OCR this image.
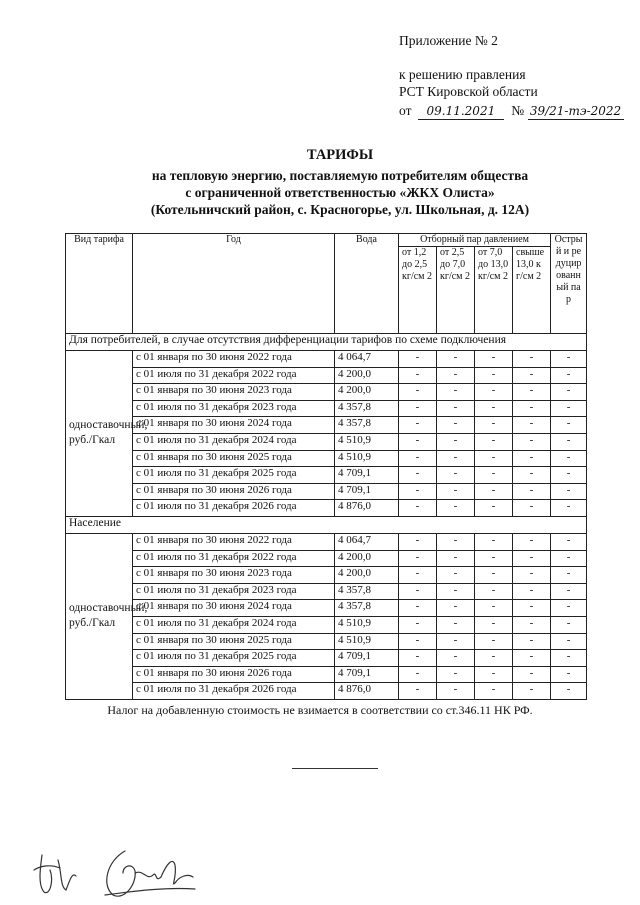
Приложение № 2
к решению правления
РСТ Кировской области
от 09.11.2021 № 39/21-тэ-2022
ТАРИФЫ
на тепловую энергию, поставляемую потребителям общества
с ограниченной ответственностью «ЖКХ Олиста»
(Котельничский район, с. Красногорье, ул. Школьная, д. 12А)
Вид тарифа	Год	Вода	Отборный пар давлением				Острый и редуцированный пар
			от 1,2 до 2,5 кг/см 2	от 2,5 до 7,0 кг/см 2	от 7,0 до 13,0 кг/см 2	свыше 13,0 кг/см 2	
Для потребителей, в случае отсутствия дифференциации тарифов по схеме подключения							
одноставочный, руб./Гкал	с 01 января по 30 июня 2022 года	4 064,7	-	-	-	-	-
	с 01 июля по 31 декабря 2022 года	4 200,0	-	-	-	-	-
	с 01 января по 30 июня 2023 года	4 200,0	-	-	-	-	-
	с 01 июля по 31 декабря 2023 года	4 357,8	-	-	-	-	-
	с 01 января по 30 июня 2024 года	4 357,8	-	-	-	-	-
	с 01 июля по 31 декабря 2024 года	4 510,9	-	-	-	-	-
	с 01 января по 30 июня 2025 года	4 510,9	-	-	-	-	-
	с 01 июля по 31 декабря 2025 года	4 709,1	-	-	-	-	-
	с 01 января по 30 июня 2026 года	4 709,1	-	-	-	-	-
	с 01 июля по 31 декабря 2026 года	4 876,0	-	-	-	-	-
Население							
одноставочный, руб./Гкал	с 01 января по 30 июня 2022 года	4 064,7	-	-	-	-	-
	с 01 июля по 31 декабря 2022 года	4 200,0	-	-	-	-	-
	с 01 января по 30 июня 2023 года	4 200,0	-	-	-	-	-
	с 01 июля по 31 декабря 2023 года	4 357,8	-	-	-	-	-
	с 01 января по 30 июня 2024 года	4 357,8	-	-	-	-	-
	с 01 июля по 31 декабря 2024 года	4 510,9	-	-	-	-	-
	с 01 января по 30 июня 2025 года	4 510,9	-	-	-	-	-
	с 01 июля по 31 декабря 2025 года	4 709,1	-	-	-	-	-
	с 01 января по 30 июня 2026 года	4 709,1	-	-	-	-	-
	с 01 июля по 31 декабря 2026 года	4 876,0	-	-	-	-	-
Налог на добавленную стоимость не взимается в соответствии со ст.346.11 НК РФ.
